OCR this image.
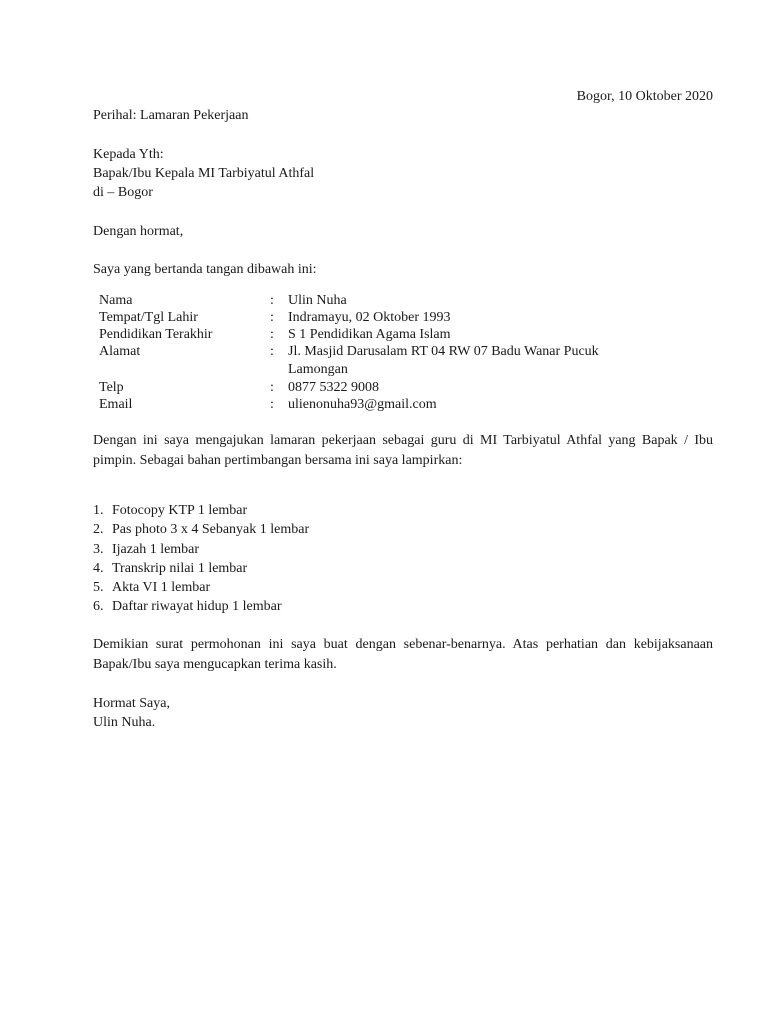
Bogor, 10 Oktober 2020
Perihal: Lamaran Pekerjaan
Kepada Yth:
Bapak/Ibu Kepala MI Tarbiyatul Athfal
di – Bogor
Dengan hormat,
Saya yang bertanda tangan dibawah ini:
Nama	: Ulin Nuha
Tempat/Tgl Lahir	: Indramayu, 02 Oktober 1993
Pendidikan Terakhir	: S 1 Pendidikan Agama Islam
Alamat	: Jl. Masjid Darusalam RT 04 RW 07 Badu Wanar Pucuk Lamongan
Telp	: 0877 5322 9008
Email	: ulienonuha93@gmail.com
Dengan ini saya mengajukan lamaran pekerjaan sebagai guru di MI Tarbiyatul Athfal yang Bapak / Ibu pimpin. Sebagai bahan pertimbangan bersama ini saya lampirkan:
1. Fotocopy KTP 1 lembar
2. Pas photo 3 x 4 Sebanyak 1 lembar
3. Ijazah 1 lembar
4. Transkrip nilai 1 lembar
5. Akta VI 1 lembar
6. Daftar riwayat hidup 1 lembar
Demikian surat permohonan ini saya buat dengan sebenar-benarnya. Atas perhatian dan kebijaksanaan Bapak/Ibu saya mengucapkan terima kasih.
Hormat Saya,
Ulin Nuha.
